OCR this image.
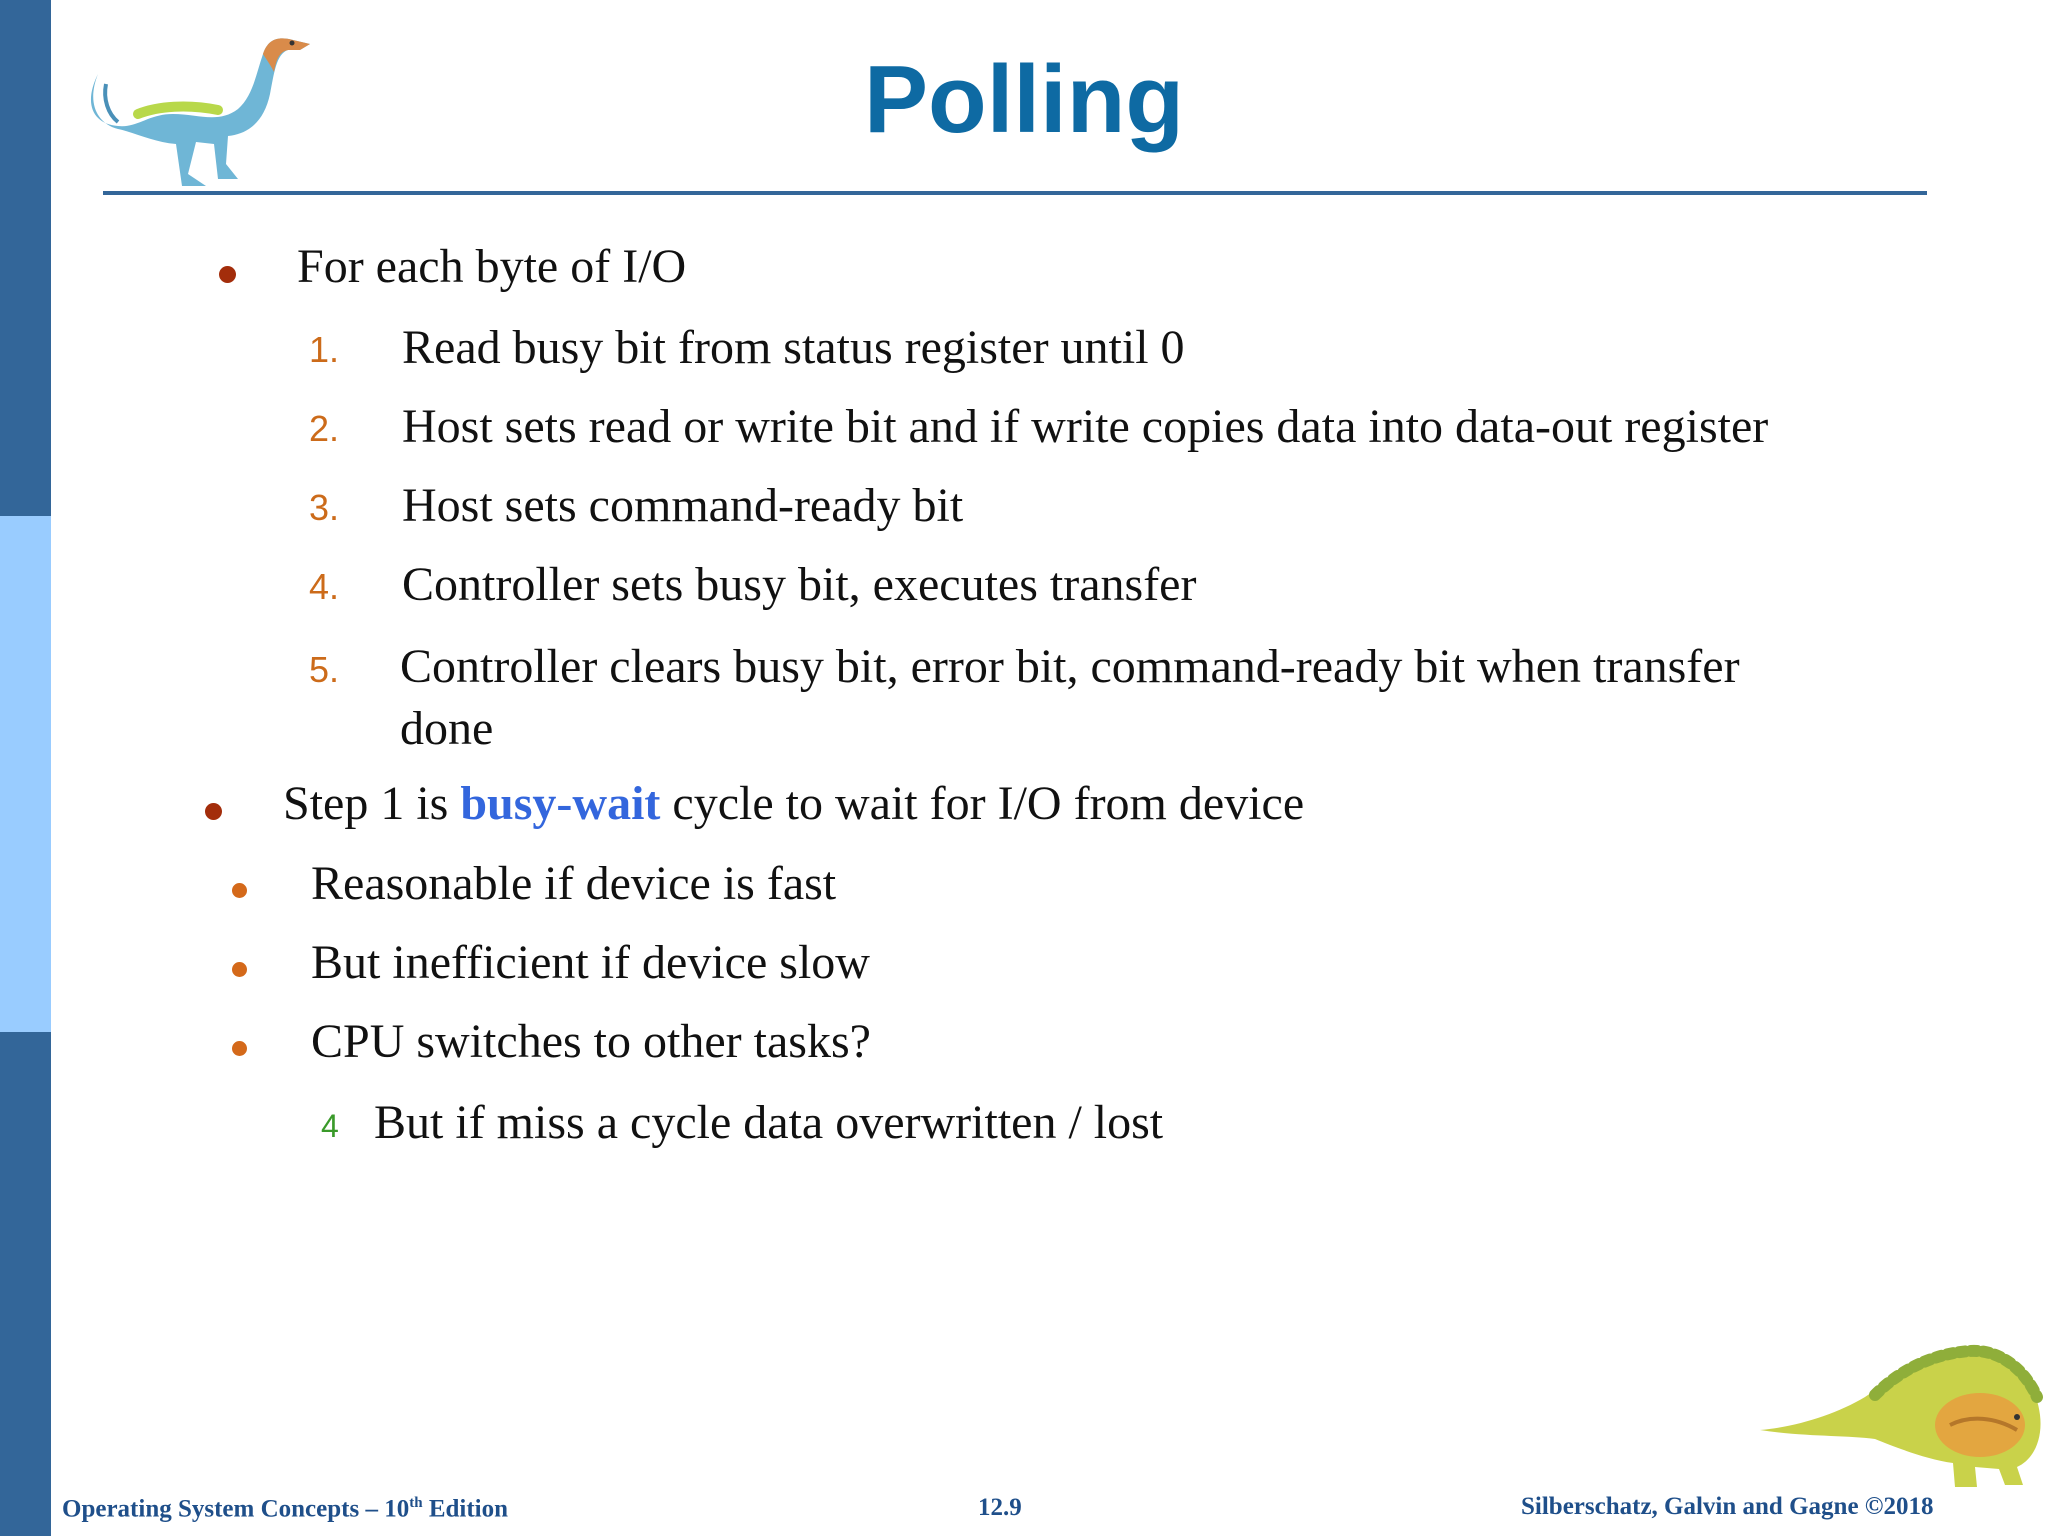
Polling
For each byte of I/O
1. Read busy bit from status register until 0
2. Host sets read or write bit and if write copies data into data-out register
3. Host sets command-ready bit
4. Controller sets busy bit, executes transfer
5. Controller clears busy bit, error bit, command-ready bit when transfer
done
Step 1 is busy-wait cycle to wait for I/O from device
Reasonable if device is fast
But inefficient if device slow
CPU switches to other tasks?
4 But if miss a cycle data overwritten / lost
Operating System Concepts – 10th Edition	12.9	Silberschatz, Galvin and Gagne ©2018
